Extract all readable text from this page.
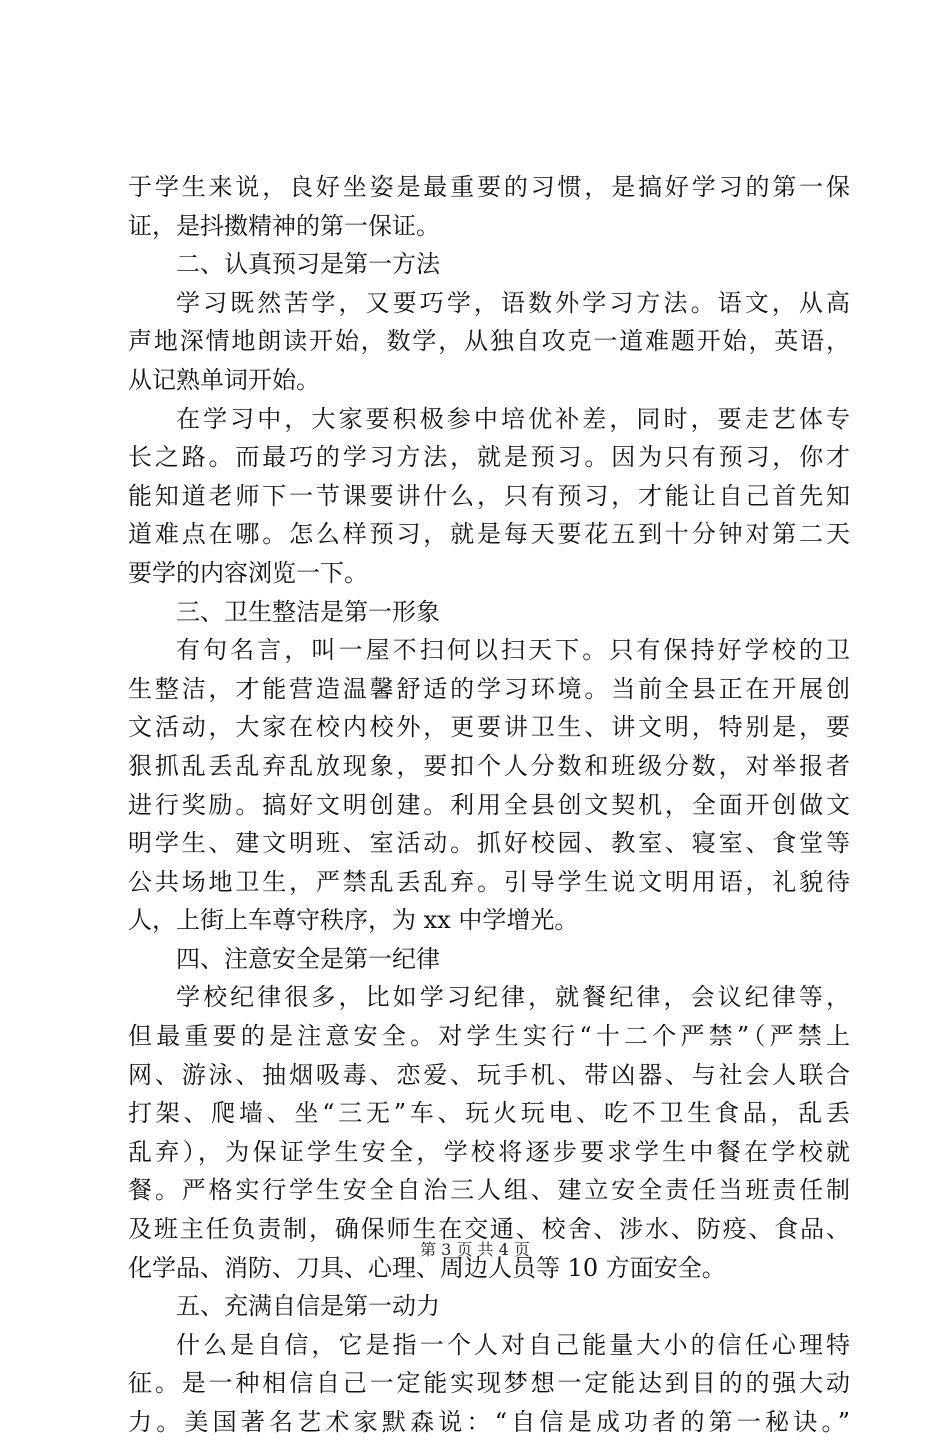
于学生来说，良好坐姿是最重要的习惯，是搞好学习的第一保
证，是抖擞精神的第一保证。
二、认真预习是第一方法
学习既然苦学，又要巧学，语数外学习方法。语文，从高
声地深情地朗读开始，数学，从独自攻克一道难题开始，英语，
从记熟单词开始。
在学习中，大家要积极参中培优补差，同时，要走艺体专
长之路。而最巧的学习方法，就是预习。因为只有预习，你才
能知道老师下一节课要讲什么，只有预习，才能让自己首先知
道难点在哪。怎么样预习，就是每天要花五到十分钟对第二天
要学的内容浏览一下。
三、卫生整洁是第一形象
有句名言，叫一屋不扫何以扫天下。只有保持好学校的卫
生整洁，才能营造温馨舒适的学习环境。当前全县正在开展创
文活动，大家在校内校外，更要讲卫生、讲文明，特别是，要
狠抓乱丢乱弃乱放现象，要扣个人分数和班级分数，对举报者
进行奖励。搞好文明创建。利用全县创文契机，全面开创做文
明学生、建文明班、室活动。抓好校园、教室、寝室、食堂等
公共场地卫生，严禁乱丢乱弃。引导学生说文明用语，礼貌待
人，上街上车尊守秩序，为 xx 中学增光。
四、注意安全是第一纪律
学校纪律很多，比如学习纪律，就餐纪律，会议纪律等，
但最重要的是注意安全。对学生实行“十二个严禁”（严禁上
网、游泳、抽烟吸毒、恋爱、玩手机、带凶器、与社会人联合
打架、爬墙、坐“三无”车、玩火玩电、吃不卫生食品，乱丢
乱弃），为保证学生安全，学校将逐步要求学生中餐在学校就
餐。严格实行学生安全自治三人组、建立安全责任当班责任制
及班主任负责制，确保师生在交通、校舍、涉水、防疫、食品、
化学品、消防、刀具、心理、周边人员等 10 方面安全。
五、充满自信是第一动力
什么是自信，它是指一个人对自己能量大小的信任心理特
征。是一种相信自己一定能实现梦想一定能达到目的的强大动
力。美国著名艺术家默森说：“自信是成功者的第一秘诀。”
第 3 页 共 4 页
